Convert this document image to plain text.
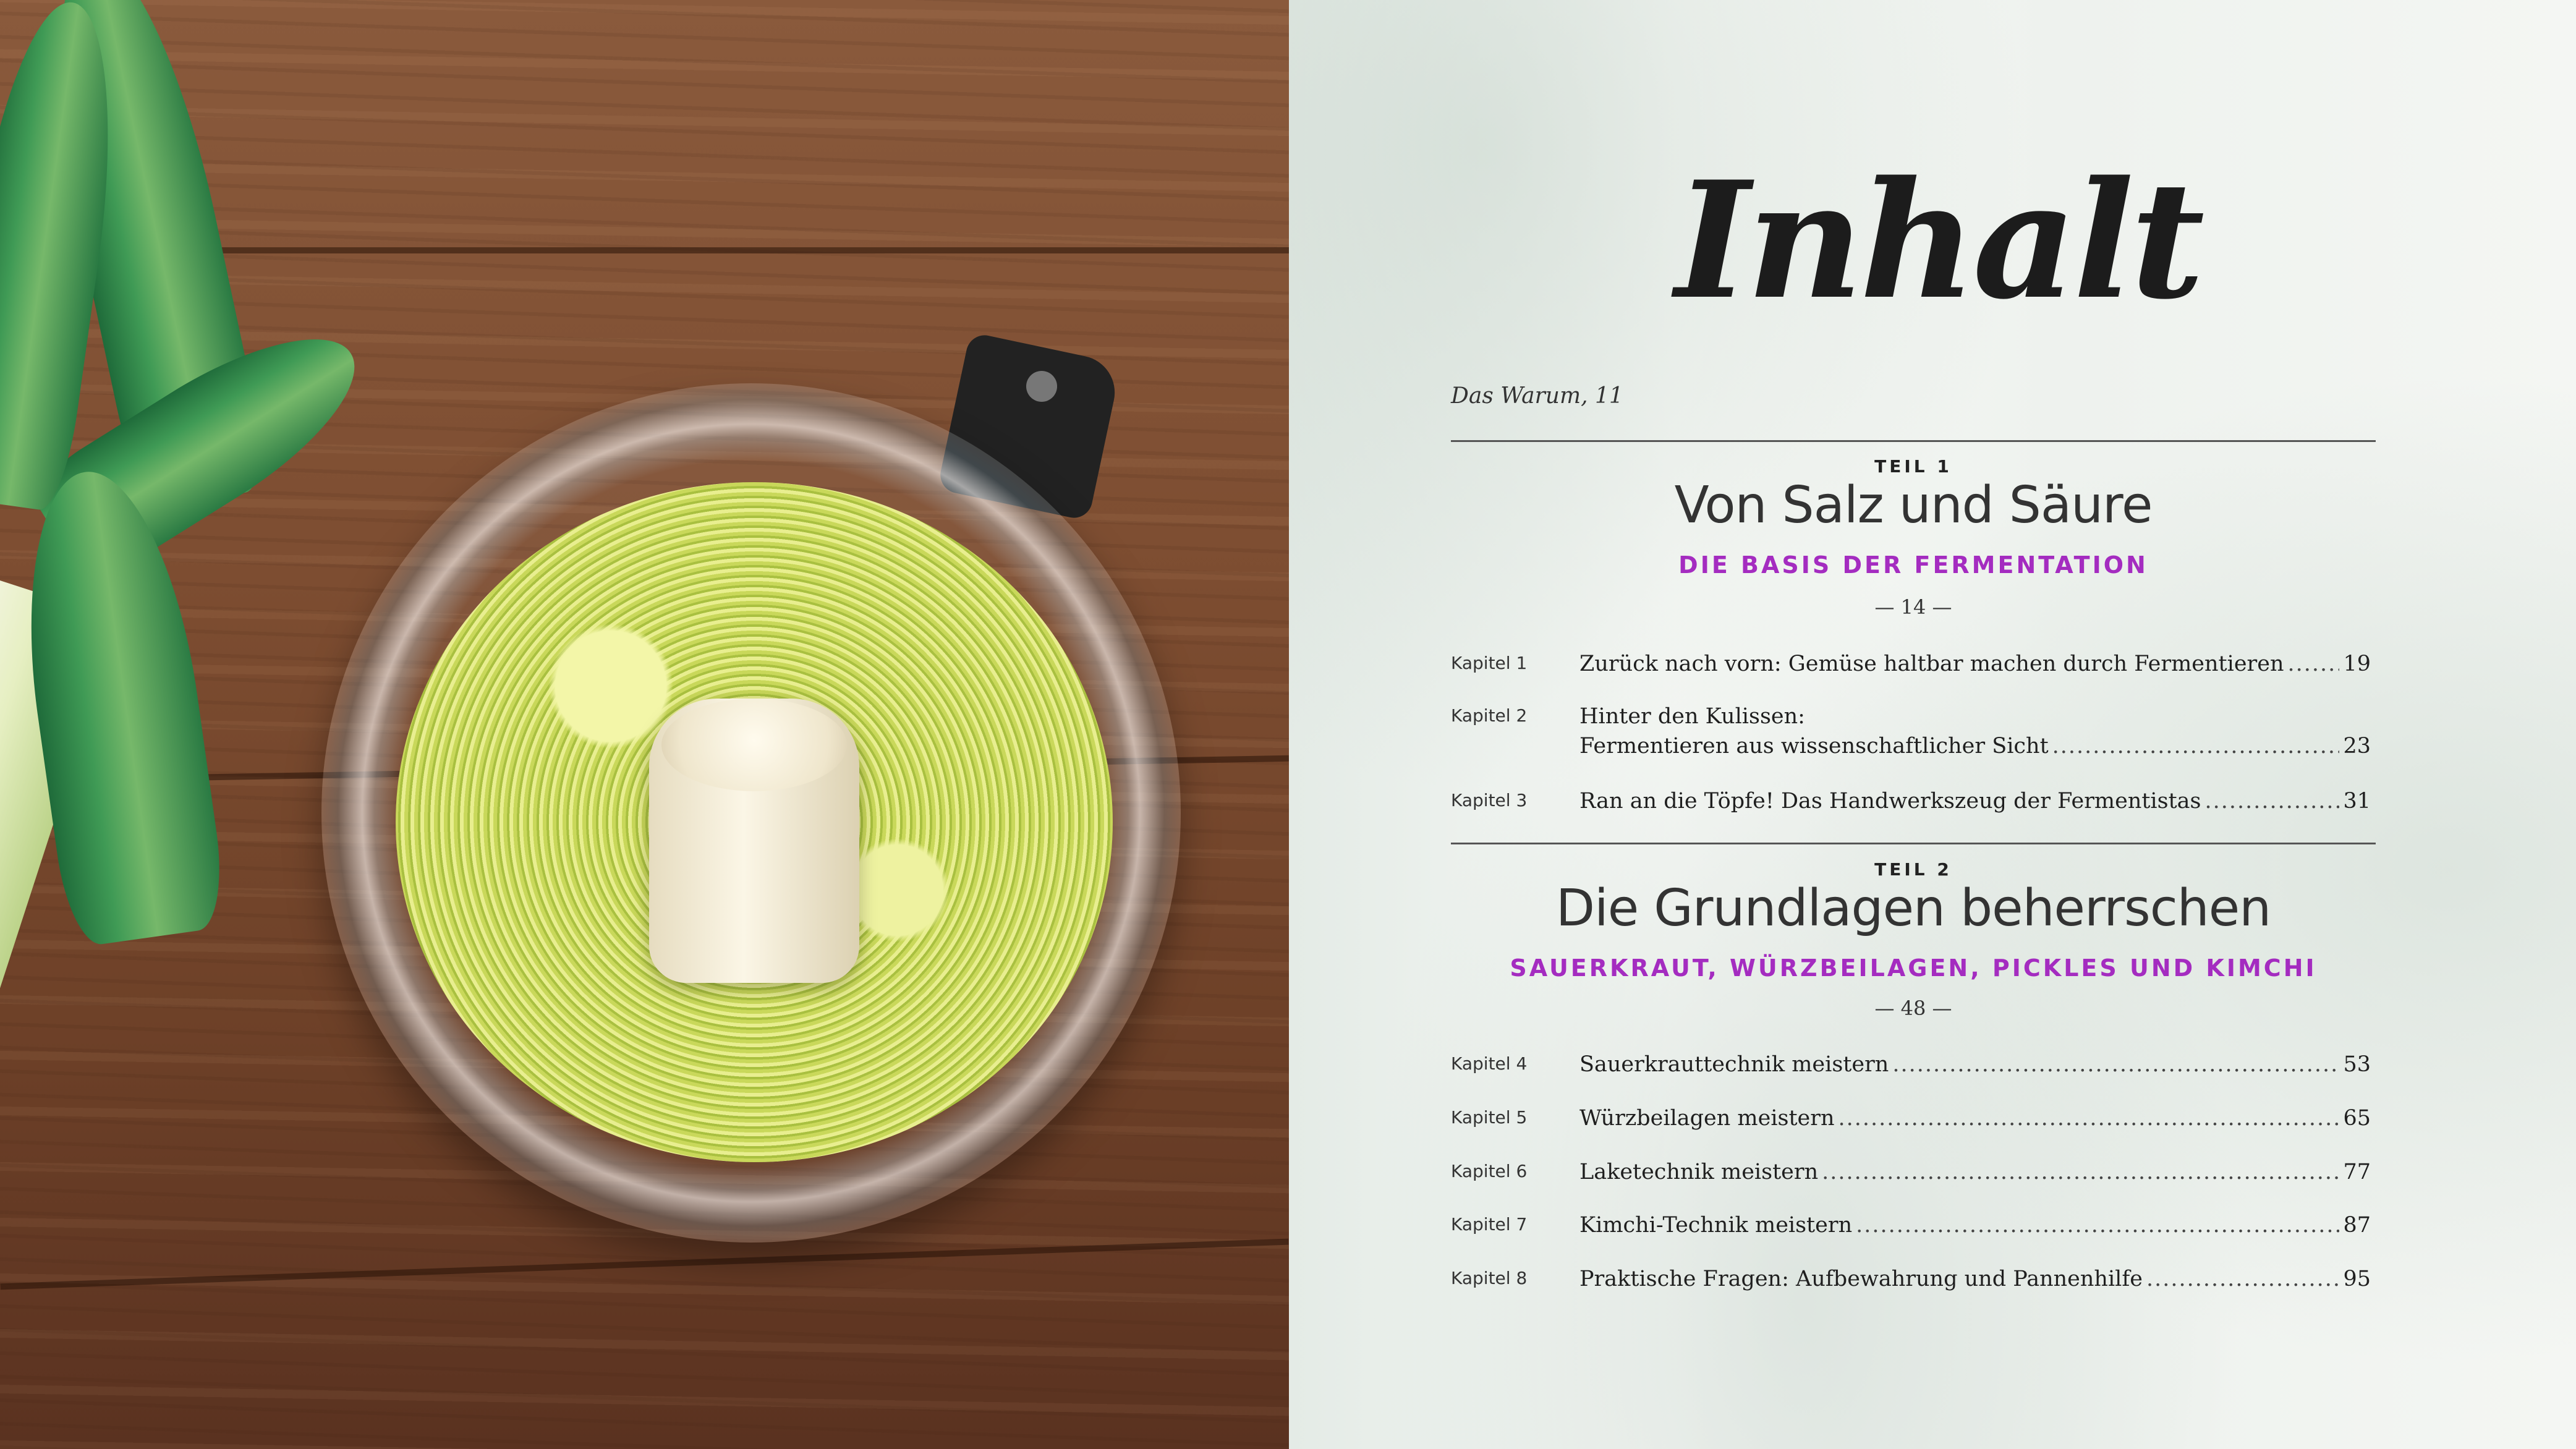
Inhalt
Das Warum, 11
TEIL 1
Von Salz und Säure
DIE BASIS DER FERMENTATION
— 14 —
Kapitel 1 Zurück nach vorn: Gemüse haltbar machen durch Fermentieren .....	19
Kapitel 2 Hinter den Kulissen:
Fermentieren aus wissenschaftlicher Sicht .....	23
Kapitel 3 Ran an die Töpfe! Das Handwerkszeug der Fermentistas .....	31
TEIL 2
Die Grundlagen beherrschen
SAUERKRAUT, WÜRZBEILAGEN, PICKLES UND KIMCHI
— 48 —
Kapitel 4 Sauerkrauttechnik meistern .....	53
Kapitel 5 Würzbeilagen meistern .....	65
Kapitel 6 Laketechnik meistern .....	77
Kapitel 7 Kimchi-Technik meistern .....	87
Kapitel 8 Praktische Fragen: Aufbewahrung und Pannenhilfe .....	95
